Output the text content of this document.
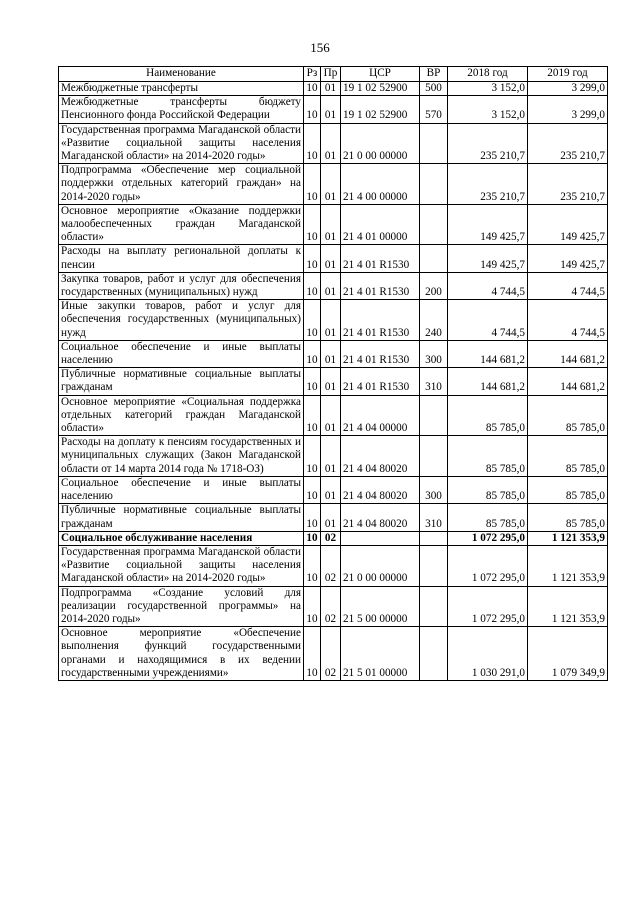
156
Наименование	Рз	Пр	ЦСР	ВР	2018 год	2019 год
Межбюджетные трансферты	10	01	19 1 02 52900	500	3 152,0	3 299,0
Межбюджетные трансферты бюджету Пенсионного фонда Российской Федерации	10	01	19 1 02 52900	570	3 152,0	3 299,0
Государственная программа Магаданской области «Развитие социальной защиты населения Магаданской области» на 2014-2020 годы»	10	01	21 0 00 00000		235 210,7	235 210,7
Подпрограмма «Обеспечение мер социальной поддержки отдельных категорий граждан» на 2014-2020 годы»	10	01	21 4 00 00000		235 210,7	235 210,7
Основное мероприятие «Оказание поддержки малообеспеченных граждан Магаданской области»	10	01	21 4 01 00000		149 425,7	149 425,7
Расходы на выплату региональной доплаты к пенсии	10	01	21 4 01 R1530		149 425,7	149 425,7
Закупка товаров, работ и услуг для обеспечения государственных (муниципальных) нужд	10	01	21 4 01 R1530	200	4 744,5	4 744,5
Иные закупки товаров, работ и услуг для обеспечения государственных (муниципальных) нужд	10	01	21 4 01 R1530	240	4 744,5	4 744,5
Социальное обеспечение и иные выплаты населению	10	01	21 4 01 R1530	300	144 681,2	144 681,2
Публичные нормативные социальные выплаты гражданам	10	01	21 4 01 R1530	310	144 681,2	144 681,2
Основное мероприятие «Социальная поддержка отдельных категорий граждан Магаданской области»	10	01	21 4 04 00000		85 785,0	85 785,0
Расходы на доплату к пенсиям государственных и муниципальных служащих (Закон Магаданской области от 14 марта 2014 года № 1718-ОЗ)	10	01	21 4 04 80020		85 785,0	85 785,0
Социальное обеспечение и иные выплаты населению	10	01	21 4 04 80020	300	85 785,0	85 785,0
Публичные нормативные социальные выплаты гражданам	10	01	21 4 04 80020	310	85 785,0	85 785,0
Социальное обслуживание населения	10	02			1 072 295,0	1 121 353,9
Государственная программа Магаданской области «Развитие социальной защиты населения Магаданской области» на 2014-2020 годы»	10	02	21 0 00 00000		1 072 295,0	1 121 353,9
Подпрограмма «Создание условий для реализации государственной программы» на 2014-2020 годы»	10	02	21 5 00 00000		1 072 295,0	1 121 353,9
Основное мероприятие «Обеспечение выполнения функций государственными органами и находящимися в их ведении государственными учреждениями»	10	02	21 5 01 00000		1 030 291,0	1 079 349,9
